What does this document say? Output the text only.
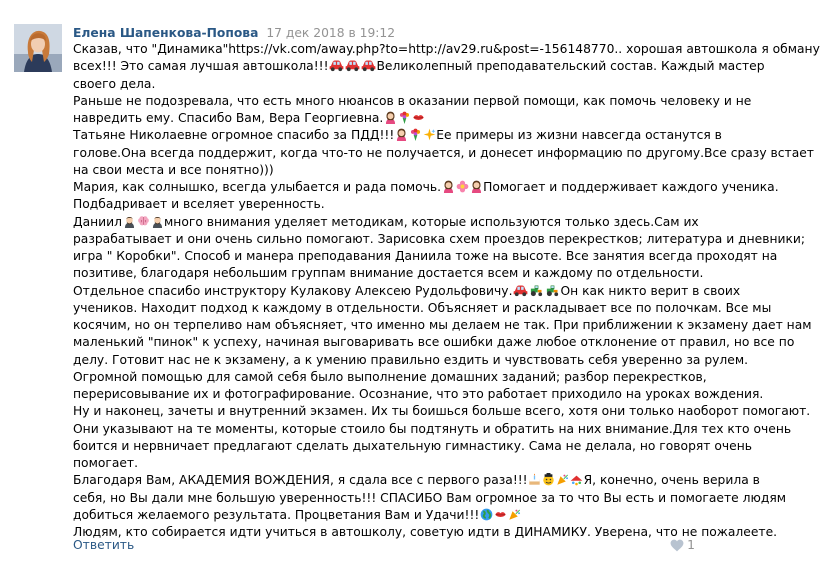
Елена Шапенкова-Попова 17 дек 2018 в 19:12
Сказав, что "Динамика"https://vk.com/away.php?to=http://av29.ru&post=-156148770.. хорошая автошкола я обману
всех!!! Это самая лучшая автошкола!!!	Великолепный преподавательский состав. Каждый мастер
своего дела.
Раньше не подозревала, что есть много нюансов в оказании первой помощи, как помочь человеку и не
навредить ему. Спасибо Вам, Вера Георгиевна.
Татьяне Николаевне огромное спасибо за ПДД!!!	Ее примеры из жизни навсегда останутся в
голове.Она всегда поддержит, когда что-то не получается, и донесет информацию по другому.Все сразу встает
на свои места и все понятно)))
Мария, как солнышко, всегда улыбается и рада помочь.	Помогает и поддерживает каждого ученика.
Подбадривает и вселяет уверенность.
Даниил	много внимания уделяет методикам, которые используются только здесь.Сам их
разрабатывает и они очень сильно помогают. Зарисовка схем проездов перекрестков; литература и дневники;
игра " Коробки". Способ и манера преподавания Даниила тоже на высоте. Все занятия всегда проходят на
позитиве, благодаря небольшим группам внимание достается всем и каждому по отдельности.
Отдельное спасибо инструктору Кулакову Алексею Рудольфовичу.	Он как никто верит в своих
учеников. Находит подход к каждому в отдельности. Объясняет и раскладывает все по полочкам. Все мы
косячим, но он терпеливо нам объясняет, что именно мы делаем не так. При приближении к экзамену дает нам
маленький "пинок" к успеху, начиная выговаривать все ошибки даже любое отклонение от правил, но все по
делу. Готовит нас не к экзамену, а к умению правильно ездить и чувствовать себя уверенно за рулем.
Огромной помощью для самой себя было выполнение домашних заданий; разбор перекрестков,
перерисовывание их и фотографирование. Осознание, что это работает приходило на уроках вождения.
Ну и наконец, зачеты и внутренний экзамен. Их ты боишься больше всего, хотя они только наоборот помогают.
Они указывают на те моменты, которые стоило бы подтянуть и обратить на них внимание.Для тех кто очень
боится и нервничает предлагают сделать дыхательную гимнастику. Сама не делала, но говорят очень
помогает.
Благодаря Вам, АКАДЕМИЯ ВОЖДЕНИЯ, я сдала все с первого раза!!!	Я, конечно, очень верила в
себя, но Вы дали мне большую уверенность!!! СПАСИБО Вам огромное за то что Вы есть и помогаете людям
добиться желаемого результата. Процветания Вам и Удачи!!!
Людям, кто собирается идти учиться в автошколу, советую идти в ДИНАМИКУ. Уверена, что не пожалеете.
Ответить	1
